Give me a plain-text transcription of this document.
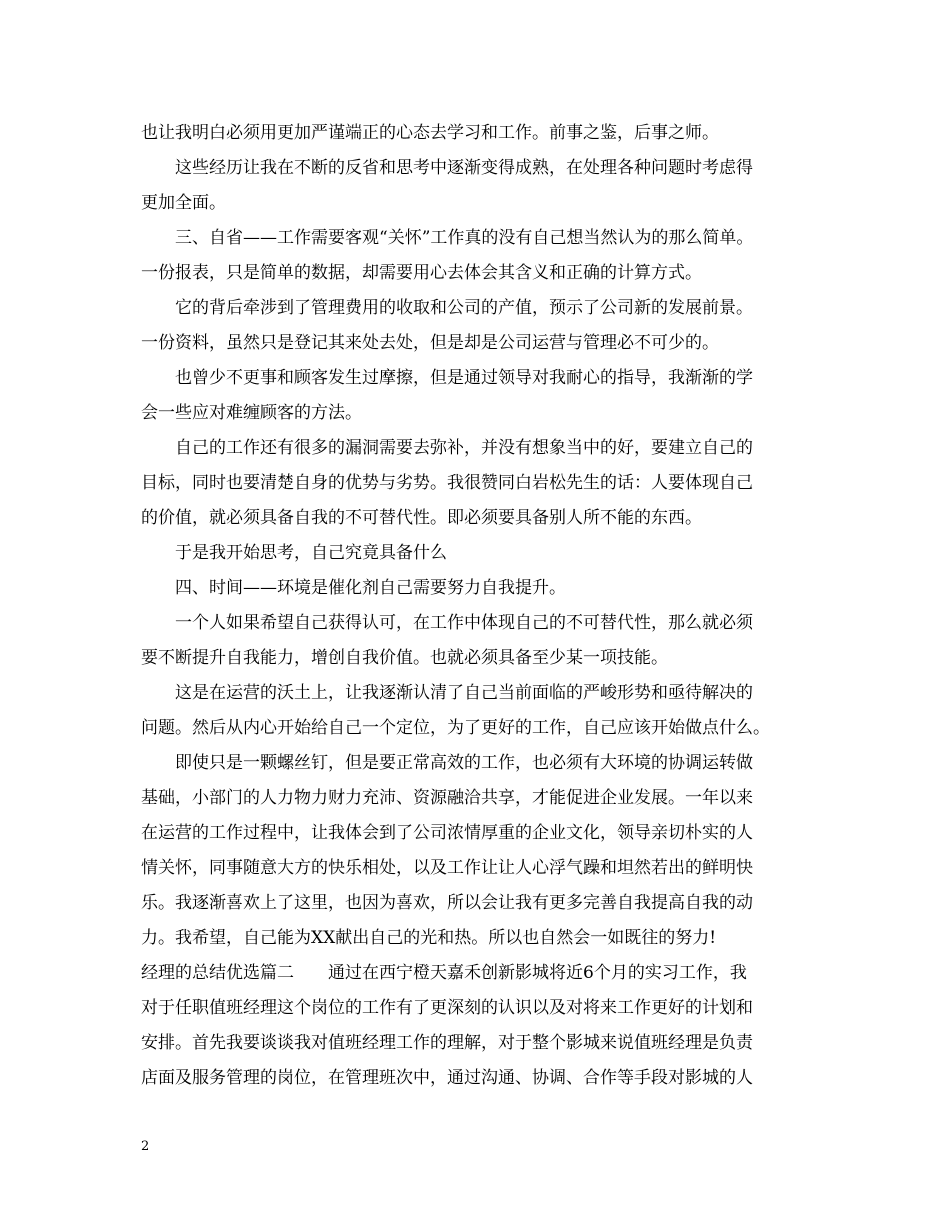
也让我明白必须用更加严谨端正的心态去学习和工作。前事之鉴，后事之师。
这些经历让我在不断的反省和思考中逐渐变得成熟，在处理各种问题时考虑得
更加全面。
三、自省——工作需要客观“关怀”工作真的没有自己想当然认为的那么简单。
一份报表，只是简单的数据，却需要用心去体会其含义和正确的计算方式。
它的背后牵涉到了管理费用的收取和公司的产值，预示了公司新的发展前景。
一份资料，虽然只是登记其来处去处，但是却是公司运营与管理必不可少的。
也曾少不更事和顾客发生过摩擦，但是通过领导对我耐心的指导，我渐渐的学
会一些应对难缠顾客的方法。
自己的工作还有很多的漏洞需要去弥补，并没有想象当中的好，要建立自己的
目标，同时也要清楚自身的优势与劣势。我很赞同白岩松先生的话：人要体现自己
的价值，就必须具备自我的不可替代性。即必须要具备别人所不能的东西。
于是我开始思考，自己究竟具备什么
四、时间——环境是催化剂自己需要努力自我提升。
一个人如果希望自己获得认可，在工作中体现自己的不可替代性，那么就必须
要不断提升自我能力，增创自我价值。也就必须具备至少某一项技能。
这是在运营的沃土上，让我逐渐认清了自己当前面临的严峻形势和亟待解决的
问题。然后从内心开始给自己一个定位，为了更好的工作，自己应该开始做点什么。
即使只是一颗螺丝钉，但是要正常高效的工作，也必须有大环境的协调运转做
基础，小部门的人力物力财力充沛、资源融洽共享，才能促进企业发展。一年以来
在运营的工作过程中，让我体会到了公司浓情厚重的企业文化，领导亲切朴实的人
情关怀，同事随意大方的快乐相处，以及工作让让人心浮气躁和坦然若出的鲜明快
乐。我逐渐喜欢上了这里，也因为喜欢，所以会让我有更多完善自我提高自我的动
力。我希望，自己能为XX献出自己的光和热。所以也自然会一如既往的努力!
经理的总结优选篇二 通过在西宁橙天嘉禾创新影城将近6个月的实习工作，我
对于任职值班经理这个岗位的工作有了更深刻的认识以及对将来工作更好的计划和
安排。首先我要谈谈我对值班经理工作的理解，对于整个影城来说值班经理是负责
店面及服务管理的岗位，在管理班次中，通过沟通、协调、合作等手段对影城的人
2
